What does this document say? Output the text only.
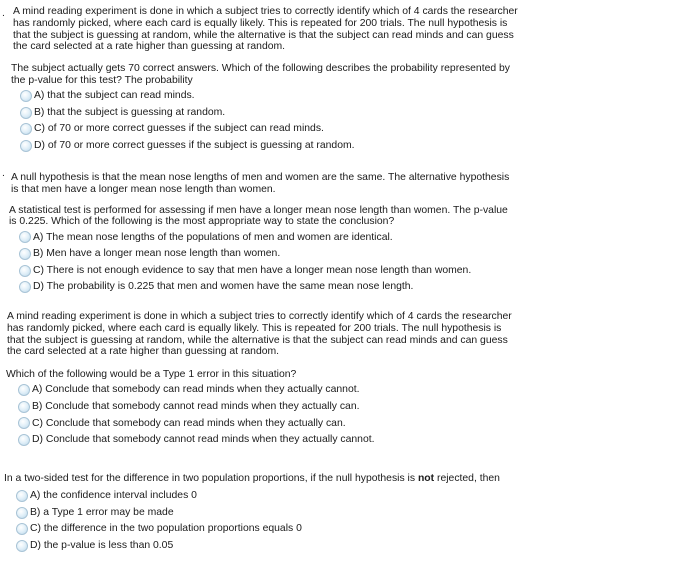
. A mind reading experiment is done in which a subject tries to correctly identify which of 4 cards the researcher
has randomly picked, where each card is equally likely. This is repeated for 200 trials. The null hypothesis is
that the subject is guessing at random, while the alternative is that the subject can read minds and can guess
the card selected at a rate higher than guessing at random.
The subject actually gets 70 correct answers. Which of the following describes the probability represented by
the p-value for this test? The probability
A) that the subject can read minds.
B) that the subject is guessing at random.
C) of 70 or more correct guesses if the subject can read minds.
D) of 70 or more correct guesses if the subject is guessing at random.
. A null hypothesis is that the mean nose lengths of men and women are the same. The alternative hypothesis
is that men have a longer mean nose length than women.
A statistical test is performed for assessing if men have a longer mean nose length than women. The p-value
is 0.225. Which of the following is the most appropriate way to state the conclusion?
A) The mean nose lengths of the populations of men and women are identical.
B) Men have a longer mean nose length than women.
C) There is not enough evidence to say that men have a longer mean nose length than women.
D) The probability is 0.225 that men and women have the same mean nose length.
A mind reading experiment is done in which a subject tries to correctly identify which of 4 cards the researcher
has randomly picked, where each card is equally likely. This is repeated for 200 trials. The null hypothesis is
that the subject is guessing at random, while the alternative is that the subject can read minds and can guess
the card selected at a rate higher than guessing at random.
Which of the following would be a Type 1 error in this situation?
A) Conclude that somebody can read minds when they actually cannot.
B) Conclude that somebody cannot read minds when they actually can.
C) Conclude that somebody can read minds when they actually can.
D) Conclude that somebody cannot read minds when they actually cannot.
In a two-sided test for the difference in two population proportions, if the null hypothesis is not rejected, then
A) the confidence interval includes 0
B) a Type 1 error may be made
C) the difference in the two population proportions equals 0
D) the p-value is less than 0.05
